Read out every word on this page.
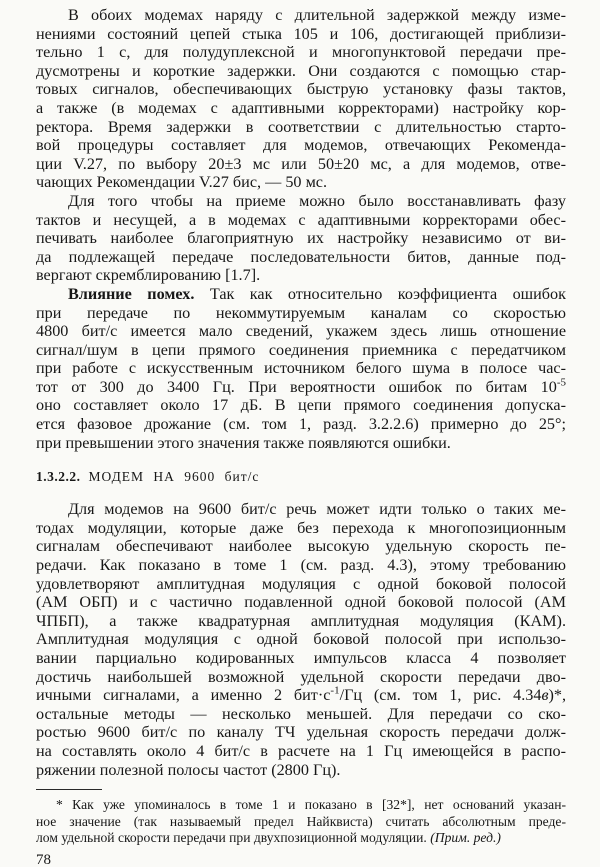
В обоих модемах наряду с длительной задержкой между изме-
нениями состояний цепей стыка 105 и 106, достигающей приблизи-
тельно 1 с, для полудуплексной и многопунктовой передачи пре-
дусмотрены и короткие задержки. Они создаются с помощью стар-
товых сигналов, обеспечивающих быструю установку фазы тактов,
а также (в модемах с адаптивными корректорами) настройку кор-
ректора. Время задержки в соответствии с длительностью старто-
вой процедуры составляет для модемов, отвечающих Рекоменда-
ции V.27, по выбору 20±3 мс или 50±20 мс, а для модемов, отве-
чающих Рекомендации V.27 бис, — 50 мс.
Для того чтобы на приеме можно было восстанавливать фазу
тактов и несущей, а в модемах с адаптивными корректорами обес-
печивать наиболее благоприятную их настройку независимо от ви-
да подлежащей передаче последовательности битов, данные под-
вергают скремблированию [1.7].
Влияние помех. Так как относительно коэффициента ошибок
при передаче по некоммутируемым каналам со скоростью
4800 бит/с имеется мало сведений, укажем здесь лишь отношение
сигнал/шум в цепи прямого соединения приемника с передатчиком
при работе с искусственным источником белого шума в полосе час-
тот от 300 до 3400 Гц. При вероятности ошибок по битам $10^{-5}$
оно составляет около 17 дБ. В цепи прямого соединения допуска-
ется фазовое дрожание (см. том 1, разд. 3.2.2.6) примерно до 25°;
при превышении этого значения также появляются ошибки.
1.3.2.2. МОДЕМ НА 9600 бит/с
Для модемов на 9600 бит/с речь может идти только о таких ме-
тодах модуляции, которые даже без перехода к многопозиционным
сигналам обеспечивают наиболее высокую удельную скорость пе-
редачи. Как показано в томе 1 (см. разд. 4.3), этому требованию
удовлетворяют амплитудная модуляция с одной боковой полосой
(АМ ОБП) и с частично подавленной одной боковой полосой (АМ
ЧПБП), а также квадратурная амплитудная модуляция (КАМ).
Амплитудная модуляция с одной боковой полосой при использо-
вании парциально кодированных импульсов класса 4 позволяет
достичь наибольшей возможной удельной скорости передачи дво-
ичными сигналами, а именно 2 $бит\cdot с^{-1}/Гц$ (см. том 1, рис. 4.34в)*,
остальные методы — несколько меньшей. Для передачи со ско-
ростью 9600 бит/с по каналу ТЧ удельная скорость передачи долж-
на составлять около 4 бит/с в расчете на 1 Гц имеющейся в распо-
ряжении полезной полосы частот (2800 Гц).
* Как уже упоминалось в томе 1 и показано в [32*], нет оснований указан-
ное значение (так называемый предел Найквиста) считать абсолютным преде-
лом удельной скорости передачи при двухпозиционной модуляции. (Прим. ред.)
78
